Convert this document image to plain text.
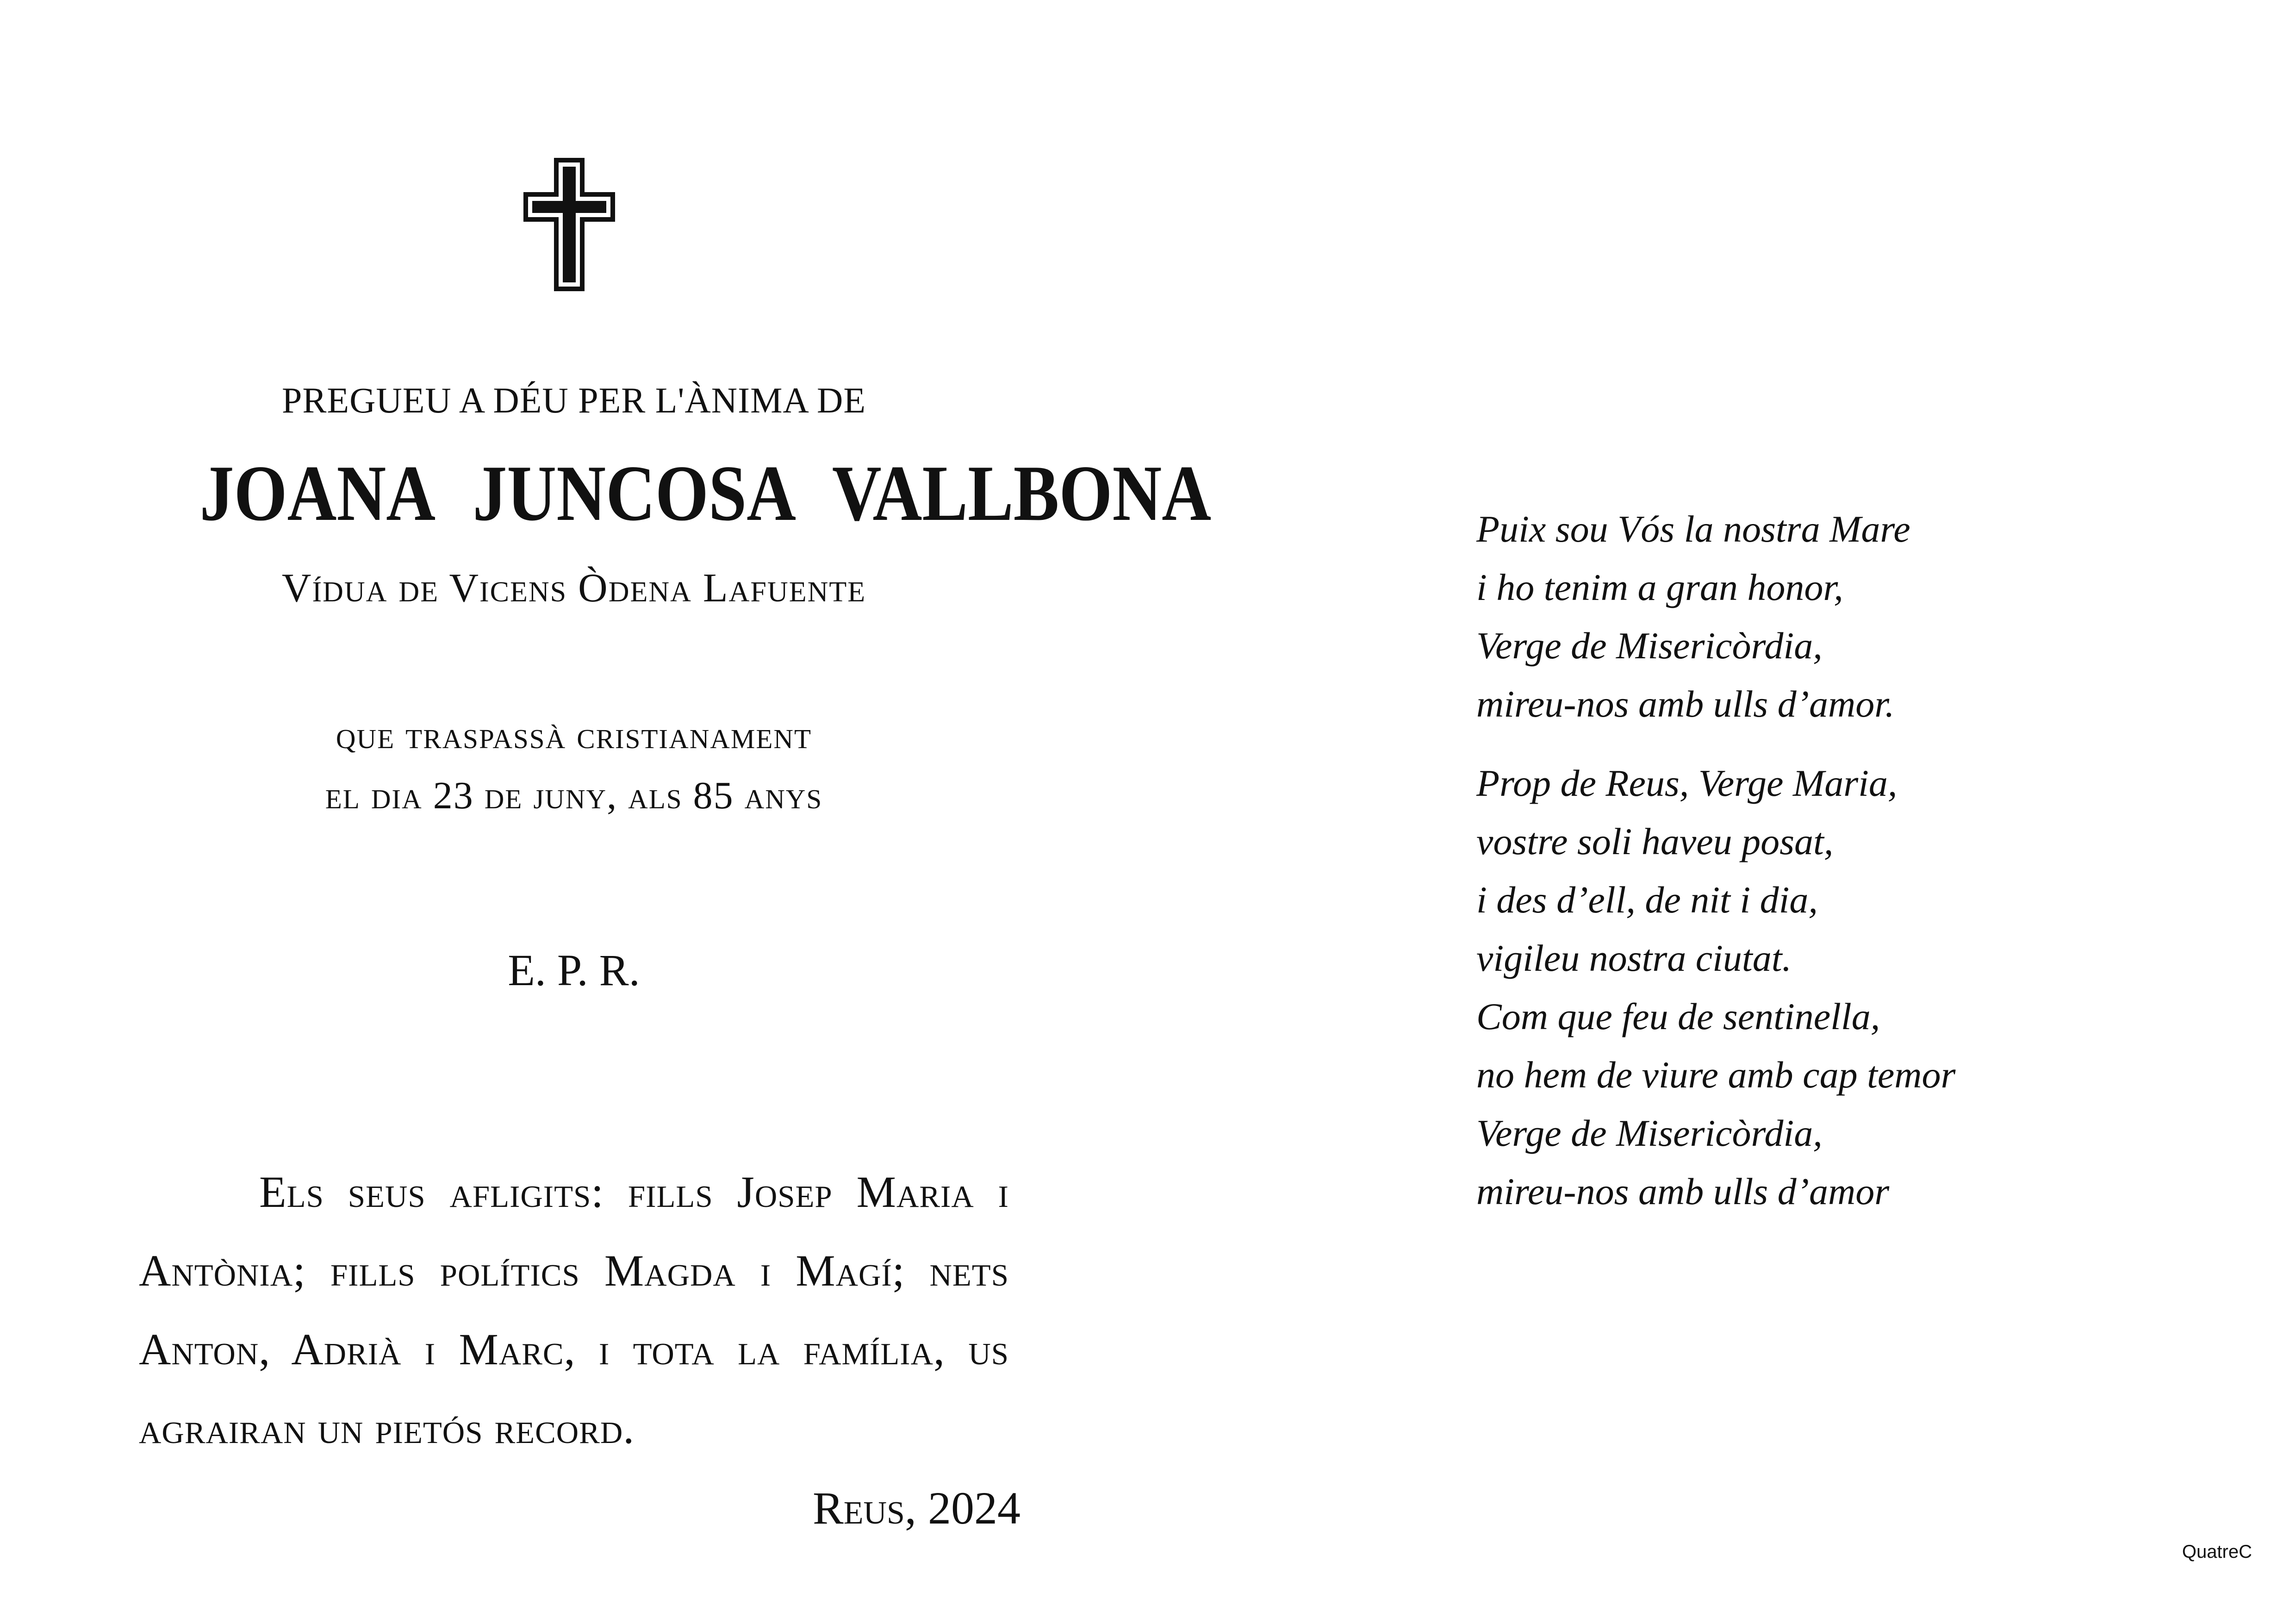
PREGUEU A DÉU PER L'ÀNIMA DE
JOANA JUNCOSA VALLBONA
Vídua de Vicens Òdena Lafuente
que traspassà cristianament
el dia 23 de juny, als 85 anys
E. P. R.
Els seus afligits: fills Josep Maria i Antònia; fills polítics Magda i Magí; nets Anton, Adrià i Marc, i tota la família, us agrairan un pietós record.
Reus, 2024
Puix sou Vós la nostra Mare
i ho tenim a gran honor,
Verge de Misericòrdia,
mireu-nos amb ulls d’amor.
Prop de Reus, Verge Maria,
vostre soli haveu posat,
i des d’ell, de nit i dia,
vigileu nostra ciutat.
Com que feu de sentinella,
no hem de viure amb cap temor
Verge de Misericòrdia,
mireu-nos amb ulls d’amor
QuatreC
